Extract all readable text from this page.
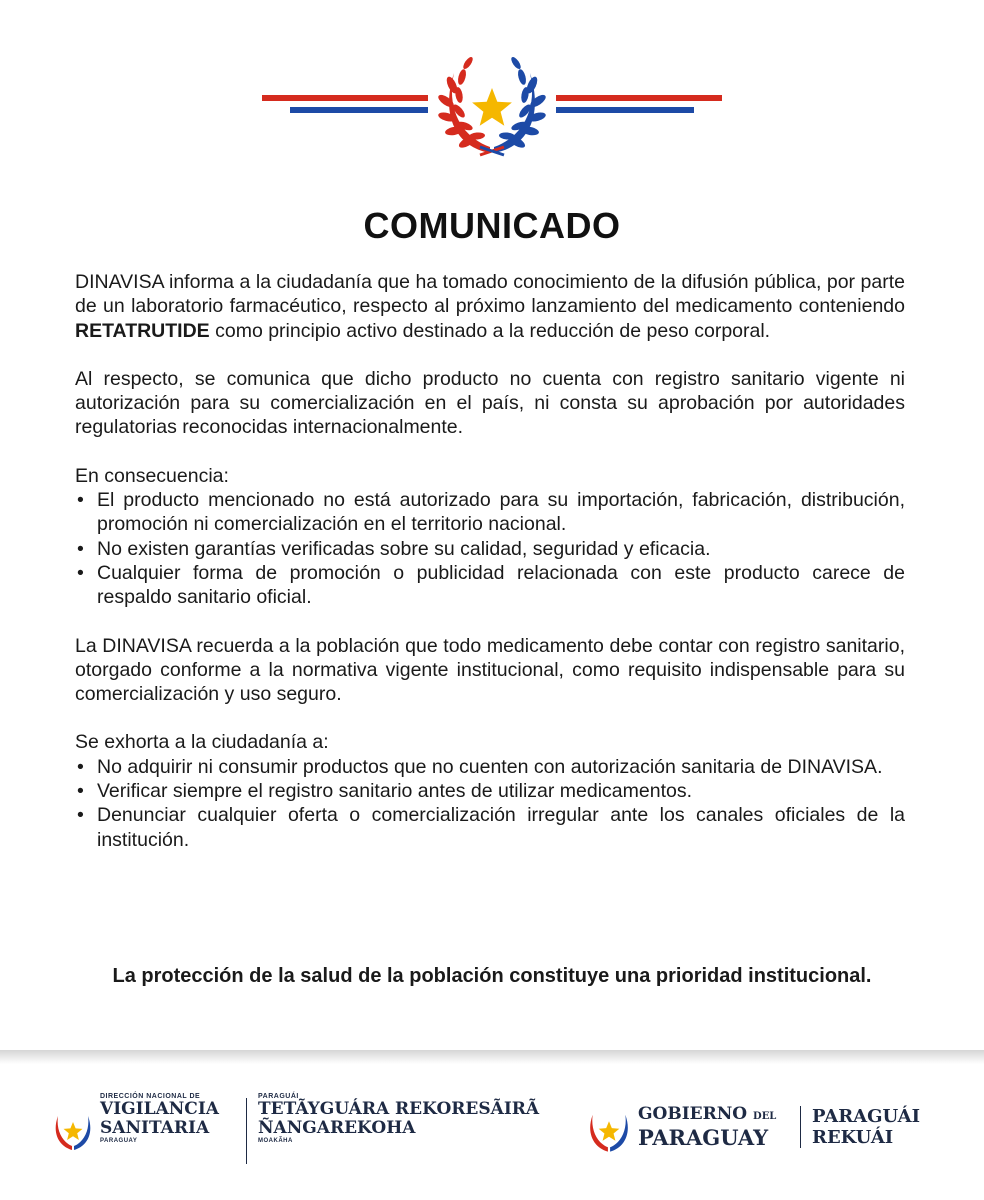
COMUNICADO

DINAVISA informa a la ciudadanía que ha tomado conocimiento de la difusión pública, por parte de un laboratorio farmacéutico, respecto al próximo lanzamiento del medicamento conteniendo RETATRUTIDE como principio activo destinado a la reducción de peso corporal.

Al respecto, se comunica que dicho producto no cuenta con registro sanitario vigente ni autorización para su comercialización en el país, ni consta su aprobación por autoridades regulatorias reconocidas internacionalmente.

En consecuencia:

• El producto mencionado no está autorizado para su importación, fabricación, distribución, promoción ni comercialización en el territorio nacional.
• No existen garantías verificadas sobre su calidad, seguridad y eficacia.
• Cualquier forma de promoción o publicidad relacionada con este producto carece de respaldo sanitario oficial.

La DINAVISA recuerda a la población que todo medicamento debe contar con registro sanitario, otorgado conforme a la normativa vigente institucional, como requisito indispensable para su comercialización y uso seguro.

Se exhorta a la ciudadanía a:

• No adquirir ni consumir productos que no cuenten con autorización sanitaria de DINAVISA.
• Verificar siempre el registro sanitario antes de utilizar medicamentos.
• Denunciar cualquier oferta o comercialización irregular ante los canales oficiales de la institución.
La protección de la salud de la población constituye una prioridad institucional.
DIRECCIÓN NACIONAL DE
VIGILANCIA
SANITARIA
PARAGUAY
PARAGUÁI
TETÃYGUÁRA REKORESÃIRÃ
ÑANGAREKOHA
MOAKÃHA
GOBIERNO DEL
PARAGUAY
PARAGUÁI
REKUÁI
